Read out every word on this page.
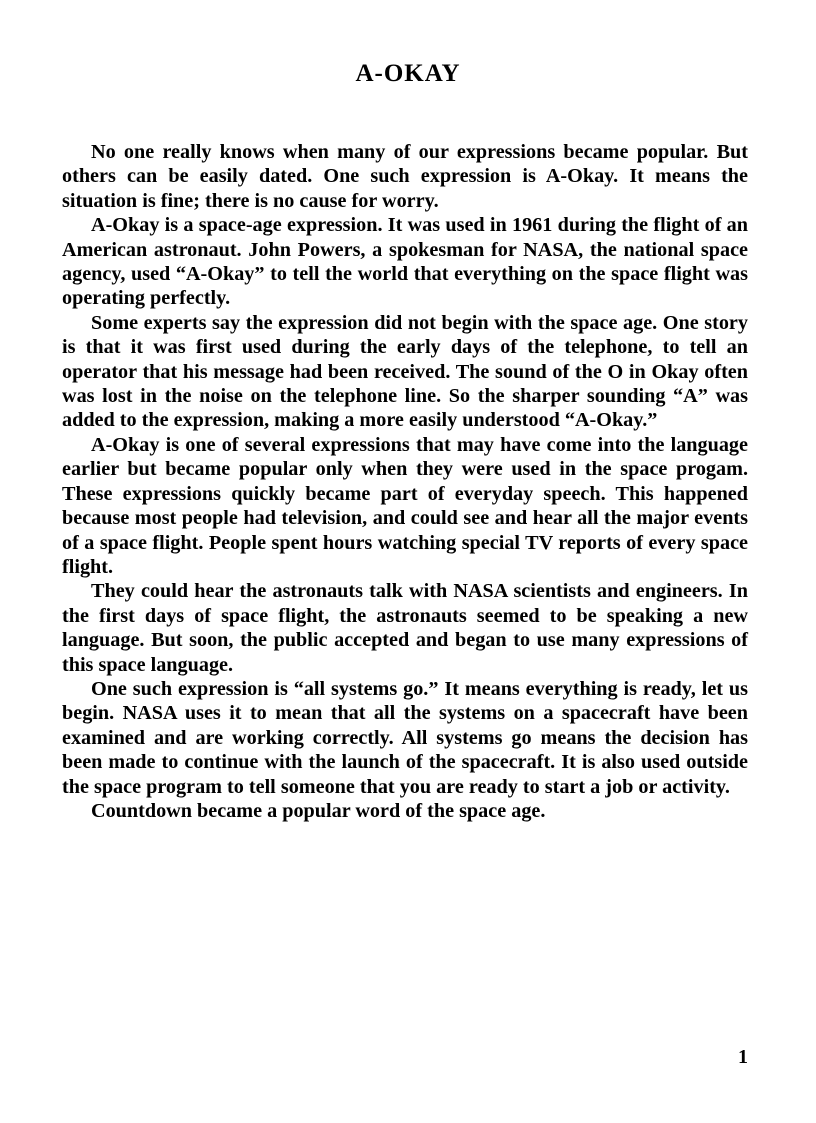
A-OKAY

No one really knows when many of our expressions became popular. But others can be easily dated. One such expression is A-Okay. It means the situation is fine; there is no cause for worry.

A-Okay is a space-age expression. It was used in 1961 during the flight of an American astronaut. John Powers, a spokesman for NASA, the national space agency, used “A-Okay” to tell the world that everything on the space flight was operating perfectly.

Some experts say the expression did not begin with the space age. One story is that it was first used during the early days of the telephone, to tell an operator that his message had been received. The sound of the O in Okay often was lost in the noise on the telephone line. So the sharper sounding “A” was added to the expression, making a more easily understood “A-Okay.”

A-Okay is one of several expressions that may have come into the language earlier but became popular only when they were used in the space progam. These expressions quickly became part of everyday speech. This happened because most people had television, and could see and hear all the major events of a space flight. People spent hours watching special TV reports of every space flight.

They could hear the astronauts talk with NASA scientists and engineers. In the first days of space flight, the astronauts seemed to be speaking a new language. But soon, the public accepted and began to use many expressions of this space language.

One such expression is “all systems go.” It means everything is ready, let us begin. NASA uses it to mean that all the systems on a spacecraft have been examined and are working correctly. All systems go means the decision has been made to continue with the launch of the spacecraft. It is also used outside the space program to tell someone that you are ready to start a job or activity.

Countdown became a popular word of the space age.

1
